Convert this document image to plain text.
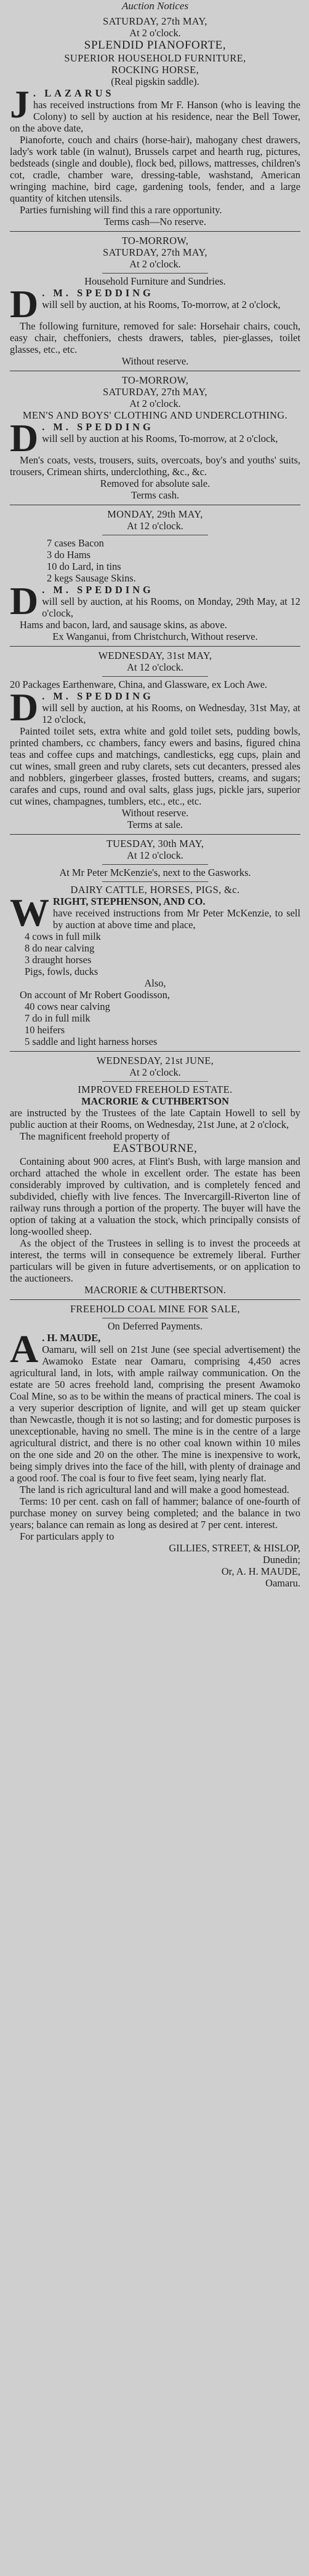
Auction Notices
SATURDAY, 27th MAY,
At 2 o'clock.
SPLENDID PIANOFORTE,
SUPERIOR HOUSEHOLD FURNITURE,
ROCKING HORSE,
(Real pigskin saddle).
J . LAZARUS
has received instructions from Mr F. Hanson (who is leaving the Colony) to sell by auction at his residence, near the Bell Tower, on the above date,
Pianoforte, couch and chairs (horse-hair), mahogany chest drawers, lady's work table (in walnut), Brussels carpet and hearth rug, pictures, bedsteads (single and double), flock bed, pillows, mattresses, children's cot, cradle, chamber ware, dressing-table, washstand, American wringing machine, bird cage, gardening tools, fender, and a large quantity of kitchen utensils.
Parties furnishing will find this a rare opportunity.
Terms cash—No reserve.
TO-MORROW,
SATURDAY, 27th MAY,
At 2 o'clock.
Household Furniture and Sundries.
D . M. SPEDDING
will sell by auction, at his Rooms, To-morrow, at 2 o'clock,
The following furniture, removed for sale: Horsehair chairs, couch, easy chair, cheffoniers, chests drawers, tables, pier-glasses, toilet glasses, etc., etc.
Without reserve.
TO-MORROW,
SATURDAY, 27th MAY,
At 2 o'clock.
MEN'S AND BOYS' CLOTHING AND UNDERCLOTHING.
D . M. SPEDDING
will sell by auction at his Rooms, To-morrow, at 2 o'clock,
Men's coats, vests, trousers, suits, overcoats, boy's and youths' suits, trousers, Crimean shirts, underclothing, &c., &c.
Removed for absolute sale.
Terms cash.
MONDAY, 29th MAY,
At 12 o'clock.
7 cases Bacon
3 do Hams
10 do Lard, in tins
2 kegs Sausage Skins.
D . M. SPEDDING
will sell by auction, at his Rooms, on Monday, 29th May, at 12 o'clock,
Hams and bacon, lard, and sausage skins, as above.
Ex Wanganui, from Christchurch, Without reserve.
WEDNESDAY, 31st MAY,
At 12 o'clock.
20 Packages Earthenware, China, and Glassware, ex Loch Awe.
D . M. SPEDDING
will sell by auction, at his Rooms, on Wednesday, 31st May, at 12 o'clock,
Painted toilet sets, extra white and gold toilet sets, pudding bowls, printed chambers, cc chambers, fancy ewers and basins, figured china teas and coffee cups and matchings, candlesticks, egg cups, plain and cut wines, small green and ruby clarets, sets cut decanters, pressed ales and nobblers, gingerbeer glasses, frosted butters, creams, and sugars; carafes and cups, round and oval salts, glass jugs, pickle jars, superior cut wines, champagnes, tumblers, etc., etc., etc.
Without reserve.
Terms at sale.
TUESDAY, 30th MAY,
At 12 o'clock.
At Mr Peter McKenzie's, next to the Gasworks.
DAIRY CATTLE, HORSES, PIGS, &c.
W RIGHT, STEPHENSON, AND CO.
have received instructions from Mr Peter McKenzie, to sell by auction at above time and place,
4 cows in full milk
8 do near calving
3 draught horses
Pigs, fowls, ducks
Also,
On account of Mr Robert Goodisson,
40 cows near calving
7 do in full milk
10 heifers
5 saddle and light harness horses
WEDNESDAY, 21st JUNE,
At 2 o'clock.
IMPROVED FREEHOLD ESTATE.
MACRORIE & CUTHBERTSON
are instructed by the Trustees of the late Captain Howell to sell by public auction at their Rooms, on Wednesday, 21st June, at 2 o'clock,
The magnificent freehold property of
EASTBOURNE,
Containing about 900 acres, at Flint's Bush, with large mansion and orchard attached the whole in excellent order. The estate has been considerably improved by cultivation, and is completely fenced and subdivided, chiefly with live fences. The Invercargill-Riverton line of railway runs through a portion of the property. The buyer will have the option of taking at a valuation the stock, which principally consists of long-woolled sheep.
As the object of the Trustees in selling is to invest the proceeds at interest, the terms will in consequence be extremely liberal. Further particulars will be given in future advertisements, or on application to the auctioneers.
MACRORIE & CUTHBERTSON.
FREEHOLD COAL MINE FOR SALE,
On Deferred Payments.
A . H. MAUDE,
Oamaru, will sell on 21st June (see special advertisement) the Awamoko Estate near Oamaru, comprising 4,450 acres agricultural land, in lots, with ample railway communication. On the estate are 50 acres freehold land, comprising the present Awamoko Coal Mine, so as to be within the means of practical miners. The coal is a very superior description of lignite, and will get up steam quicker than Newcastle, though it is not so lasting; and for domestic purposes is unexceptionable, having no smell. The mine is in the centre of a large agricultural district, and there is no other coal known within 10 miles on the one side and 20 on the other. The mine is inexpensive to work, being simply drives into the face of the hill, with plenty of drainage and a good roof. The coal is four to five feet seam, lying nearly flat.
The land is rich agricultural land and will make a good homestead.
Terms: 10 per cent. cash on fall of hammer; balance of one-fourth of purchase money on survey being completed; and the balance in two years; balance can remain as long as desired at 7 per cent. interest.
For particulars apply to
GILLIES, STREET, & HISLOP,
Dunedin;
Or, A. H. MAUDE,
Oamaru.
